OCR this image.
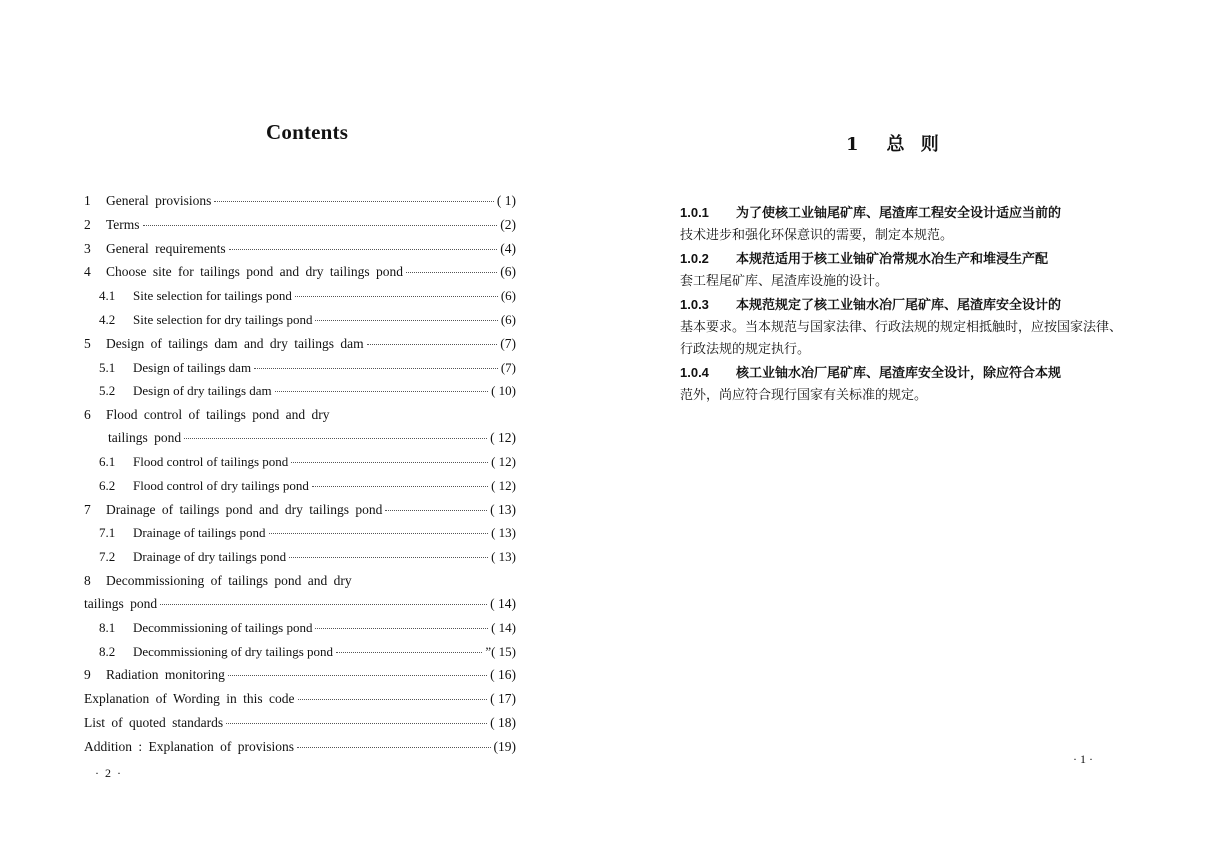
Contents
1 General provisions	( 1)
2 Terms	(2)
3 General requirements	(4)
4 Choose site for tailings pond and dry tailings pond	(6)
4.1 Site selection for tailings pond	(6)
4.2 Site selection for dry tailings pond	(6)
5 Design of tailings dam and dry tailings dam	(7)
5.1 Design of tailings dam	(7)
5.2 Design of dry tailings dam	( 10)
6 Flood control of tailings pond and dry
tailings pond	( 12)
6.1 Flood control of tailings pond	( 12)
6.2 Flood control of dry tailings pond	( 12)
7 Drainage of tailings pond and dry tailings pond	( 13)
7.1 Drainage of tailings pond	( 13)
7.2 Drainage of dry tailings pond	( 13)
8 Decommissioning of tailings pond and dry
tailings pond	( 14)
8.1 Decommissioning of tailings pond	( 14)
8.2 Decommissioning of dry tailings pond	”( 15)
9 Radiation monitoring	( 16)
Explanation of Wording in this code	( 17)
List of quoted standards	( 18)
Addition : Explanation of provisions	(19)
·2·
1 总 则
1.0.1 为了使核工业铀尾矿库、尾渣库工程安全设计适应当前的
技术进步和强化环保意识的需要，制定本规范。
1.0.2 本规范适用于核工业铀矿冶常规水冶生产和堆浸生产配
套工程尾矿库、尾渣库设施的设计。
1.0.3 本规范规定了核工业铀水冶厂尾矿库、尾渣库安全设计的
基本要求。当本规范与国家法律、行政法规的规定相抵触时，应按国家法律、行政法规的规定执行。
1.0.4 核工业铀水冶厂尾矿库、尾渣库安全设计，除应符合本规
范外，尚应符合现行国家有关标准的规定。
·1·
